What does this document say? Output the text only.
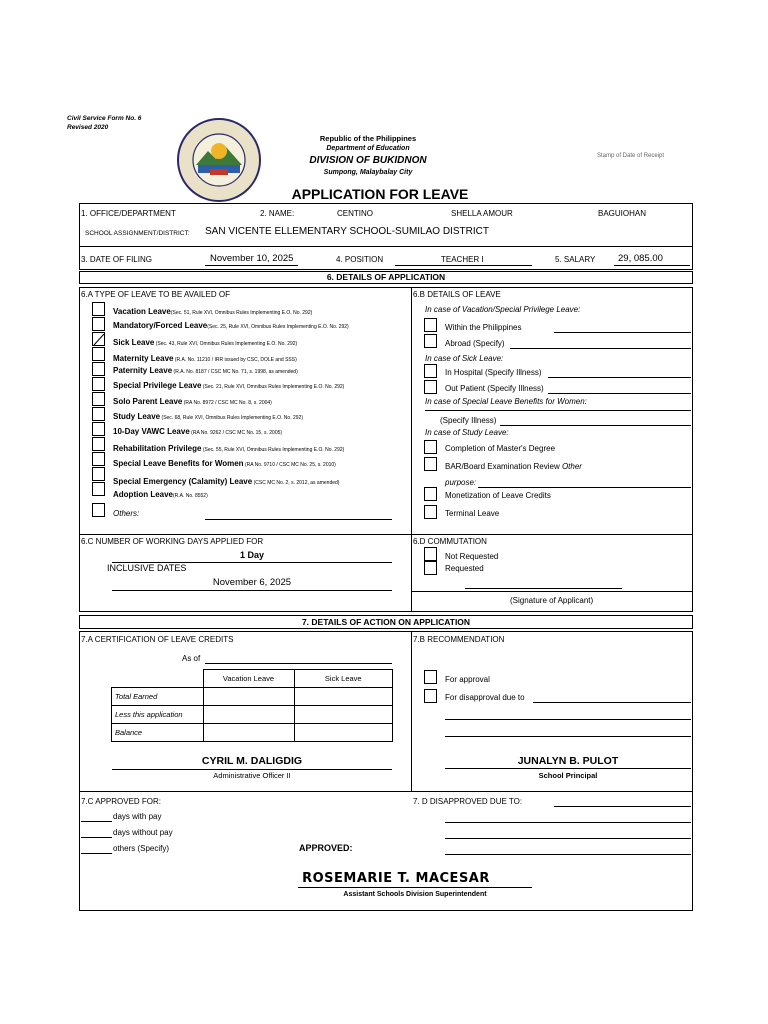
Civil Service Form No. 6
Revised 2020
Republic of the Philippines
Department of Education
DIVISION OF BUKIDNON
Sumpong, Malaybalay City
Stamp of Date of Receipt
APPLICATION FOR LEAVE
1. OFFICE/DEPARTMENT	2. NAME:	CENTINO	SHELLA AMOUR	BAGUIOHAN
SCHOOL ASSIGNMENT/DISTRICT: SAN VICENTE ELLEMENTARY SCHOOL-SUMILAO DISTRICT
3. DATE OF FILING	November 10, 2025	4. POSITION	TEACHER I	5. SALARY 29, 085.00
6. DETAILS OF APPLICATION
6.A TYPE OF LEAVE TO BE AVAILED OF
Vacation Leave(Sec. 51, Rule XVI, Omnibus Rules Implementing E.O. No. 292)
Mandatory/Forced Leave(Sec. 25, Rule XVI, Omnibus Rules Implementing E.O. No. 292)
Sick Leave (Sec. 43, Rule XVI, Omnibus Rules Implementing E.O. No. 292)
Maternity Leave (R.A. No. 11210 / IRR issued by CSC, DOLE and SSS)
Paternity Leave (R.A. No. 8187 / CSC MC No. 71, s. 1998, as amended)
Special Privilege Leave (Sec. 21, Rule XVI, Omnibus Rules Implementing E.O. No. 292)
Solo Parent Leave (RA No. 8972 / CSC MC No. 8, s. 2004)
Study Leave (Sec. 68, Rule XVI, Omnibus Rules Implementing E.O. No. 292)
10-Day VAWC Leave (RA No. 9262 / CSC MC No. 15, s. 2005)
Rehabilitation Privilege (Sec. 55, Rule XVI, Omnibus Rules Implementing E.O. No. 292)
Special Leave Benefits for Women (RA No. 9710 / CSC MC No. 25, s. 2010)
Special Emergency (Calamity) Leave (CSC MC No. 2, s. 2012, as amended)
Adoption Leave(R.A. No. 8552)
Others:
6.B DETAILS OF LEAVE
In case of Vacation/Special Privilege Leave:
Within the Philippines
Abroad (Specify)
In case of Sick Leave:
In Hospital (Specify Illness)
Out Patient (Specify Illness)
In case of Special Leave Benefits for Women:
(Specify Illness)
In case of Study Leave:
Completion of Master's Degree
BAR/Board Examination Review Other
purpose:
Monetization of Leave Credits
Terminal Leave
6.C NUMBER OF WORKING DAYS APPLIED FOR
1 Day
INCLUSIVE DATES
November 6, 2025
6.D COMMUTATION
Not Requested
Requested
(Signature of Applicant)
7. DETAILS OF ACTION ON APPLICATION
7.A CERTIFICATION OF LEAVE CREDITS
As of
	Vacation Leave	Sick Leave
Total Earned		
Less this application		
Balance		
CYRIL M. DALIGDIG
Administrative Officer II
7.B RECOMMENDATION
For approval
For disapproval due to
JUNALYN B. PULOT
School Principal
7.C APPROVED FOR:
days with pay
days without pay
others (Specify)
7. D DISAPPROVED DUE TO:
APPROVED:
ROSEMARIE T. MACESAR
Assistant Schools Division Superintendent
